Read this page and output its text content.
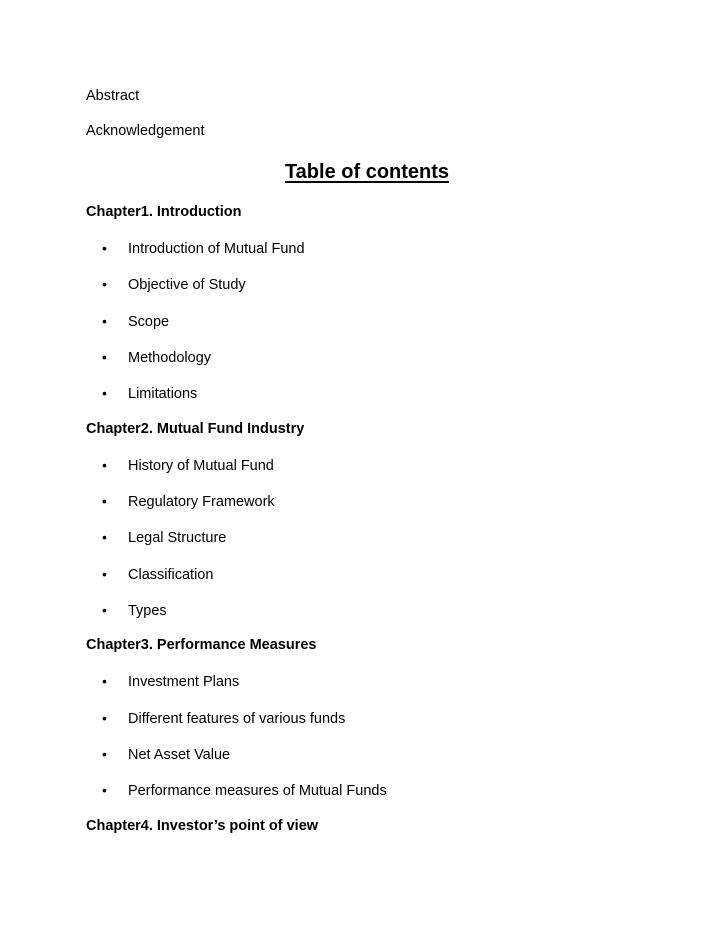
Abstract
Acknowledgement
Table of contents
Chapter1. Introduction
• Introduction of Mutual Fund
• Objective of Study
• Scope
• Methodology
• Limitations
Chapter2. Mutual Fund Industry
• History of Mutual Fund
• Regulatory Framework
• Legal Structure
• Classification
• Types
Chapter3. Performance Measures
• Investment Plans
• Different features of various funds
• Net Asset Value
• Performance measures of Mutual Funds
Chapter4. Investor’s point of view
